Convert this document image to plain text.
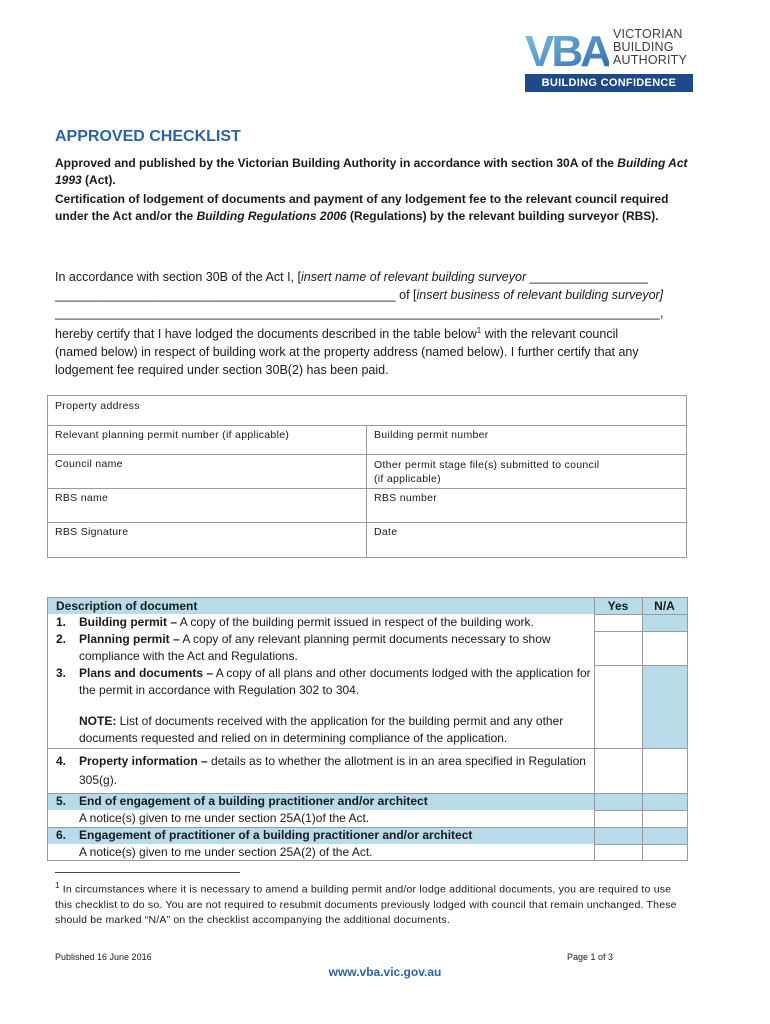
VBA VICTORIAN
BUILDING
AUTHORITY
BUILDING CONFIDENCE
APPROVED CHECKLIST
Approved and published by the Victorian Building Authority in accordance with section 30A of the Building Act 1993 (Act).
Certification of lodgement of documents and payment of any lodgement fee to the relevant council required under the Act and/or the Building Regulations 2006 (Regulations) by the relevant building surveyor (RBS).
In accordance with section 30B of the Act I, [insert name of relevant building surveyor _________________
_________________________________________________ of [insert business of relevant building surveyor]
_______________________________________________________________________________________,
hereby certify that I have lodged the documents described in the table below$^1$ with the relevant council
(named below) in respect of building work at the property address (named below). I further certify that any
lodgement fee required under section 30B(2) has been paid.
Property address
Relevant planning permit number (if applicable)	Building permit number
Council name	Other permit stage file(s) submitted to council
(if applicable)
RBS name	RBS number
RBS Signature	Date
Description of document	Yes	N/A
1.	Building permit – A copy of the building permit issued in respect of the building work.
2.	Planning permit – A copy of any relevant planning permit documents necessary to show compliance with the Act and Regulations.
3.	Plans and documents – A copy of all plans and other documents lodged with the application for the permit in accordance with Regulation 302 to 304.
NOTE: List of documents received with the application for the building permit and any other documents requested and relied on in determining compliance of the application.
4.	Property information – details as to whether the allotment is in an area specified in Regulation 305(g).
5.	End of engagement of a building practitioner and/or architect
A notice(s) given to me under section 25A(1)of the Act.
6.	Engagement of practitioner of a building practitioner and/or architect
A notice(s) given to me under section 25A(2) of the Act.
$^1$ In circumstances where it is necessary to amend a building permit and/or lodge additional documents, you are required to use this checklist to do so. You are not required to resubmit documents previously lodged with council that remain unchanged. These should be marked “N/A” on the checklist accompanying the additional documents.
Published 16 June 2016	Page 1 of 3
www.vba.vic.gov.au
